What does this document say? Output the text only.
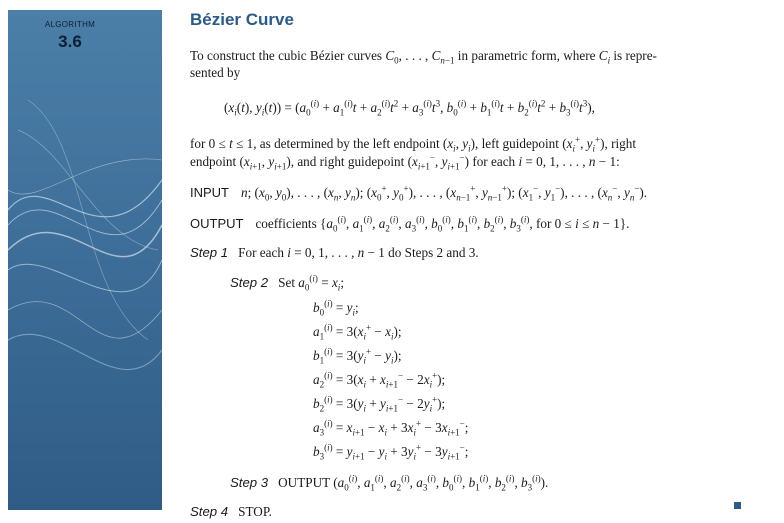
ALGORITHM
3.6
Bézier Curve
To construct the cubic Bézier curves $C_0$, . . . , $C_{n-1}$ in parametric form, where $C_i$ is repre-
sented by
($x_i(t)$, $y_i(t)) = (a_0^{(i)} + a_1^{(i)}t + a_2^{(i)}t^2 + a_3^{(i)}t^3$, $b_0^{(i)} + b_1^{(i)}t + b_2^{(i)}t^2 + b_3^{(i)}t^3$),
for 0 ≤ t ≤ 1, as determined by the left endpoint ($x_i$, $y_i$), left guidepoint ($x_i^+$, $y_i^+$), right
endpoint ($x_{i+1}$, $y_{i+1}$), and right guidepoint ($x_{i+1}^-$, $y_{i+1}^-$) for each i = 0, 1, . . . , n − 1:
INPUT n; ($x_0$, $y_0$), . . . , ($x_n$, $y_n$); ($x_0^+$, $y_0^+$), . . . , ($x_{n-1}^+$, $y_{n-1}^+$); ($x_1^-$, $y_1^-$), . . . , ($x_n^-$, $y_n^-$).
OUTPUT coefficients {$a_0^{(i)}$, $a_1^{(i)}$, $a_2^{(i)}$, $a_3^{(i)}$, $b_0^{(i)}$, $b_1^{(i)}$, $b_2^{(i)}$, $b_3^{(i)}$, for 0 ≤ i ≤ n − 1}.
Step 1 For each i = 0, 1, . . . , n − 1 do Steps 2 and 3.
Step 2 Set $a_0^{(i)} = x_i$;
$b_0^{(i)} = y_i$;
$a_1^{(i)} = 3(x_i^+ - x_i)$;
$b_1^{(i)} = 3(y_i^+ - y_i)$;
$a_2^{(i)} = 3(x_i + x_{i+1}^- - 2x_i^+)$;
$b_2^{(i)} = 3(y_i + y_{i+1}^- - 2y_i^+)$;
$a_3^{(i)} = x_{i+1} - x_i + 3x_i^+ - 3x_{i+1}^-$;
$b_3^{(i)} = y_{i+1} - y_i + 3y_i^+ - 3y_{i+1}^-$;
Step 3 OUTPUT ($a_0^{(i)}$, $a_1^{(i)}$, $a_2^{(i)}$, $a_3^{(i)}$, $b_0^{(i)}$, $b_1^{(i)}$, $b_2^{(i)}$, $b_3^{(i)}$).
Step 4 STOP.
